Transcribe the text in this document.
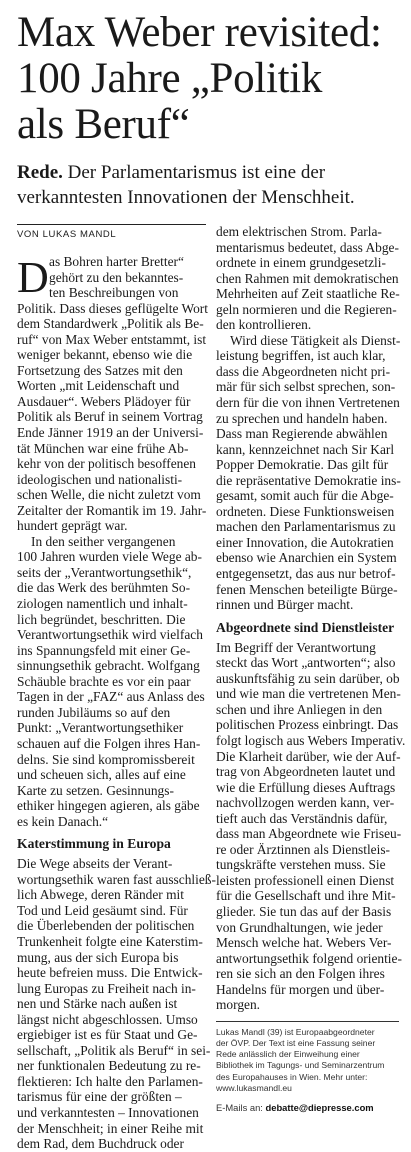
Max Weber revisited:
100 Jahre „Politik
als Beruf“
Rede. Der Parlamentarismus ist eine der
verkanntesten Innovationen der Menschheit.
VON LUKAS MANDL
D as Bohren harter Bretter“
gehört zu den bekanntes-
ten Beschreibungen von
Politik. Dass dieses geflügelte Wort
dem Standardwerk „Politik als Be-
ruf“ von Max Weber entstammt, ist
weniger bekannt, ebenso wie die
Fortsetzung des Satzes mit den
Worten „mit Leidenschaft und
Ausdauer“. Webers Plädoyer für
Politik als Beruf in seinem Vortrag
Ende Jänner 1919 an der Universi-
tät München war eine frühe Ab-
kehr von der politisch besoffenen
ideologischen und nationalisti-
schen Welle, die nicht zuletzt vom
Zeitalter der Romantik im 19. Jahr-
hundert geprägt war.
In den seither vergangenen
100 Jahren wurden viele Wege ab-
seits der „Verantwortungsethik“,
die das Werk des berühmten So-
ziologen namentlich und inhalt-
lich begründet, beschritten. Die
Verantwortungsethik wird vielfach
ins Spannungsfeld mit einer Ge-
sinnungsethik gebracht. Wolfgang
Schäuble brachte es vor ein paar
Tagen in der „FAZ“ aus Anlass des
runden Jubiläums so auf den
Punkt: „Verantwortungsethiker
schauen auf die Folgen ihres Han-
delns. Sie sind kompromissbereit
und scheuen sich, alles auf eine
Karte zu setzen. Gesinnungs-
ethiker hingegen agieren, als gäbe
es kein Danach.“
Katerstimmung in Europa
Die Wege abseits der Verant-
wortungsethik waren fast ausschließ-
lich Abwege, deren Ränder mit
Tod und Leid gesäumt sind. Für
die Überlebenden der politischen
Trunkenheit folgte eine Katerstim-
mung, aus der sich Europa bis
heute befreien muss. Die Entwick-
lung Europas zu Freiheit nach in-
nen und Stärke nach außen ist
längst nicht abgeschlossen. Umso
ergiebiger ist es für Staat und Ge-
sellschaft, „Politik als Beruf“ in sei-
ner funktionalen Bedeutung zu re-
flektieren: Ich halte den Parlamen-
tarismus für eine der größten –
und verkanntesten – Innovationen
der Menschheit; in einer Reihe mit
dem Rad, dem Buchdruck oder
dem elektrischen Strom. Parla-
mentarismus bedeutet, dass Abge-
ordnete in einem grundgesetzli-
chen Rahmen mit demokratischen
Mehrheiten auf Zeit staatliche Re-
geln normieren und die Regieren-
den kontrollieren.
Wird diese Tätigkeit als Dienst-
leistung begriffen, ist auch klar,
dass die Abgeordneten nicht pri-
mär für sich selbst sprechen, son-
dern für die von ihnen Vertretenen
zu sprechen und handeln haben.
Dass man Regierende abwählen
kann, kennzeichnet nach Sir Karl
Popper Demokratie. Das gilt für
die repräsentative Demokratie ins-
gesamt, somit auch für die Abge-
ordneten. Diese Funktionsweisen
machen den Parlamentarismus zu
einer Innovation, die Autokratien
ebenso wie Anarchien ein System
entgegensetzt, das aus nur betrof-
fenen Menschen beteiligte Bürge-
rinnen und Bürger macht.
Abgeordnete sind Dienstleister
Im Begriff der Verantwortung
steckt das Wort „antworten“; also
auskunftsfähig zu sein darüber, ob
und wie man die vertretenen Men-
schen und ihre Anliegen in den
politischen Prozess einbringt. Das
folgt logisch aus Webers Imperativ.
Die Klarheit darüber, wie der Auf-
trag von Abgeordneten lautet und
wie die Erfüllung dieses Auftrags
nachvollzogen werden kann, ver-
tieft auch das Verständnis dafür,
dass man Abgeordnete wie Friseu-
re oder Ärztinnen als Dienstleis-
tungskräfte verstehen muss. Sie
leisten professionell einen Dienst
für die Gesellschaft und ihre Mit-
glieder. Sie tun das auf der Basis
von Grundhaltungen, wie jeder
Mensch welche hat. Webers Ver-
antwortungsethik folgend orientie-
ren sie sich an den Folgen ihres
Handelns für morgen und über-
morgen.
Lukas Mandl (39) ist Europaabgeordneter
der ÖVP. Der Text ist eine Fassung seiner
Rede anlässlich der Einweihung einer
Bibliothek im Tagungs- und Seminarzentrum
des Europahauses in Wien. Mehr unter:
www.lukasmandl.eu
E-Mails an: debatte@diepresse.com
